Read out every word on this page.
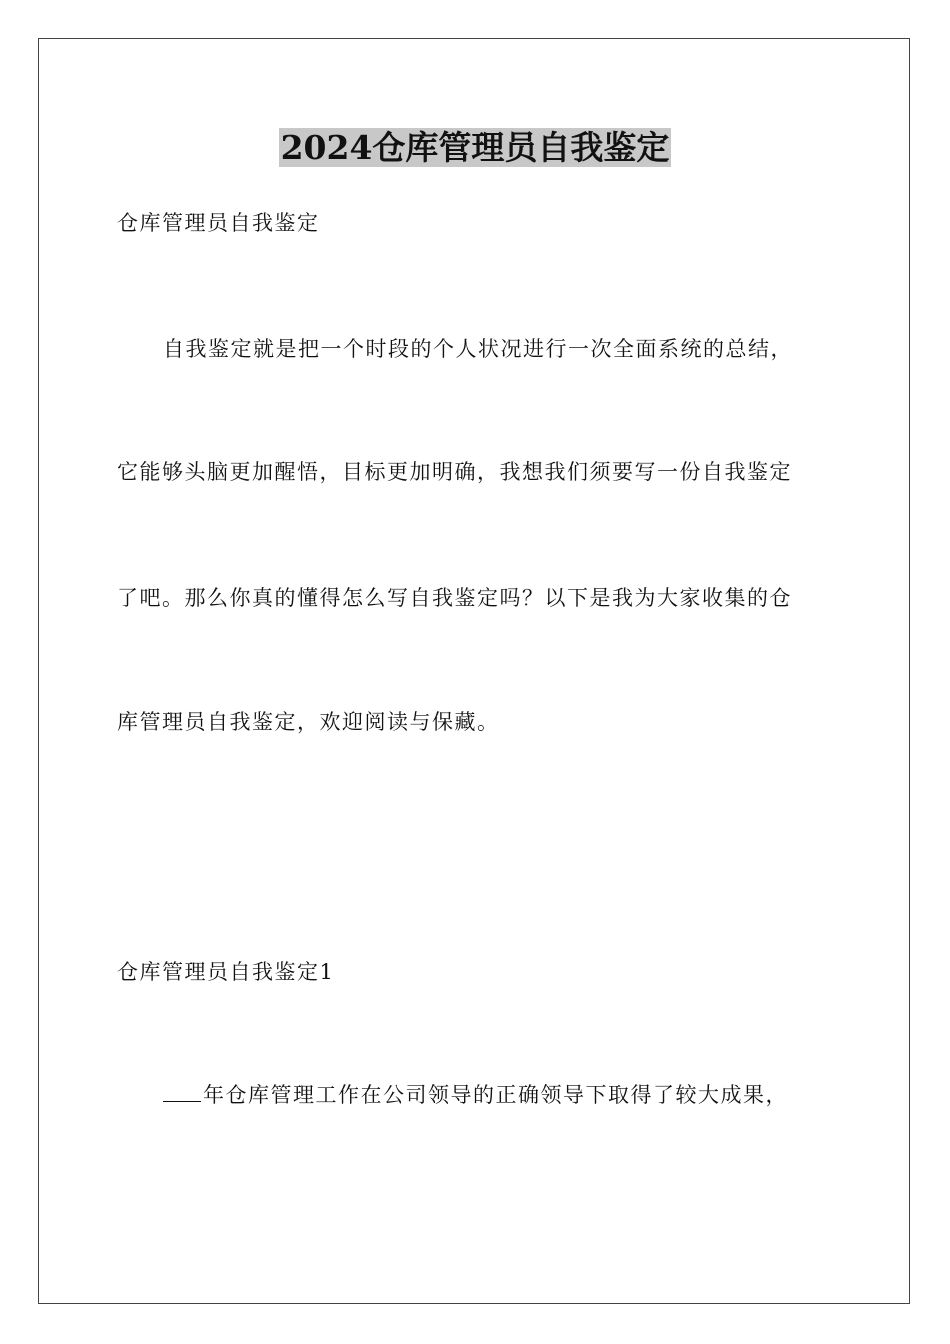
2024仓库管理员自我鉴定
仓库管理员自我鉴定
自我鉴定就是把一个时段的个人状况进行一次全面系统的总结，
它能够头脑更加醒悟，目标更加明确，我想我们须要写一份自我鉴定
了吧。那么你真的懂得怎么写自我鉴定吗？以下是我为大家收集的仓
库管理员自我鉴定，欢迎阅读与保藏。
仓库管理员自我鉴定1
年仓库管理工作在公司领导的正确领导下取得了较大成果，
